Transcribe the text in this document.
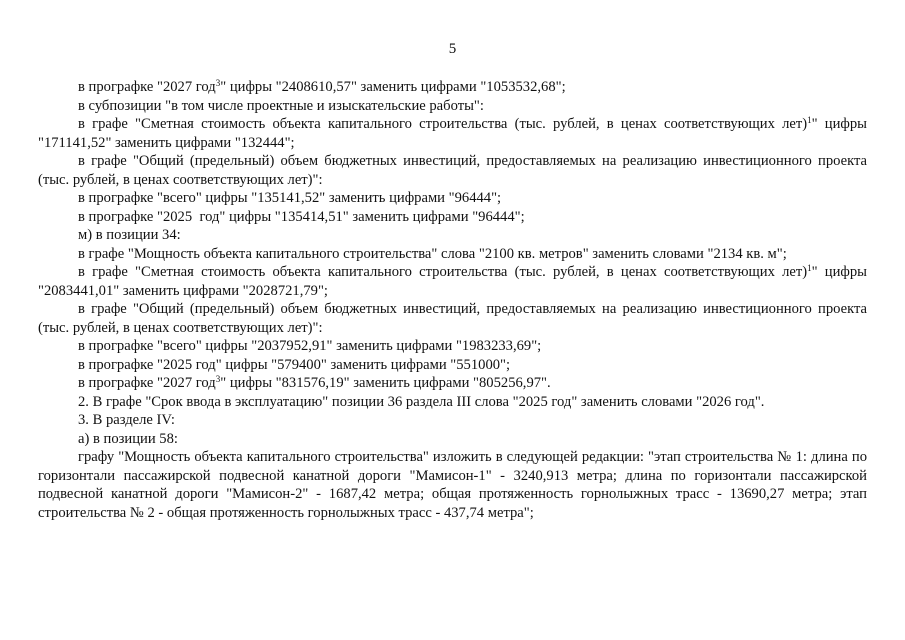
5

в прографке "2027 год$^3$" цифры "2408610,57" заменить цифрами "1053532,68";

в субпозиции "в том числе проектные и изыскательские работы":

в графе "Сметная стоимость объекта капитального строительства (тыс. рублей, в ценах соответствующих лет)$^1$" цифры "171141,52" заменить цифрами "132444";

в графе "Общий (предельный) объем бюджетных инвестиций, предоставляемых на реализацию инвестиционного проекта (тыс. рублей, в ценах соответствующих лет)":

в прографке "всего" цифры "135141,52" заменить цифрами "96444";

в прографке "2025  год" цифры "135414,51" заменить цифрами "96444";

м) в позиции 34:

в графе "Мощность объекта капитального строительства" слова "2100 кв. метров" заменить словами "2134 кв. м";

в графе "Сметная стоимость объекта капитального строительства (тыс. рублей, в ценах соответствующих лет)$^1$" цифры "2083441,01" заменить цифрами "2028721,79";

в графе "Общий (предельный) объем бюджетных инвестиций, предоставляемых на реализацию инвестиционного проекта (тыс. рублей, в ценах соответствующих лет)":

в прографке "всего" цифры "2037952,91" заменить цифрами "1983233,69";

в прографке "2025 год" цифры "579400" заменить цифрами "551000";

в прографке "2027 год$^3$" цифры "831576,19" заменить цифрами "805256,97".

2. В графе "Срок ввода в эксплуатацию" позиции 36 раздела III слова "2025 год" заменить словами "2026 год".

3. В разделе IV:

а) в позиции 58:

графу "Мощность объекта капитального строительства" изложить в следующей редакции: "этап строительства № 1: длина по горизонтали пассажирской подвесной канатной дороги "Мамисон-1" - 3240,913 метра; длина по горизонтали пассажирской подвесной канатной дороги "Мамисон-2" - 1687,42 метра; общая протяженность горнолыжных трасс - 13690,27 метра; этап строительства № 2 - общая протяженность горнолыжных трасс - 437,74 метра";
